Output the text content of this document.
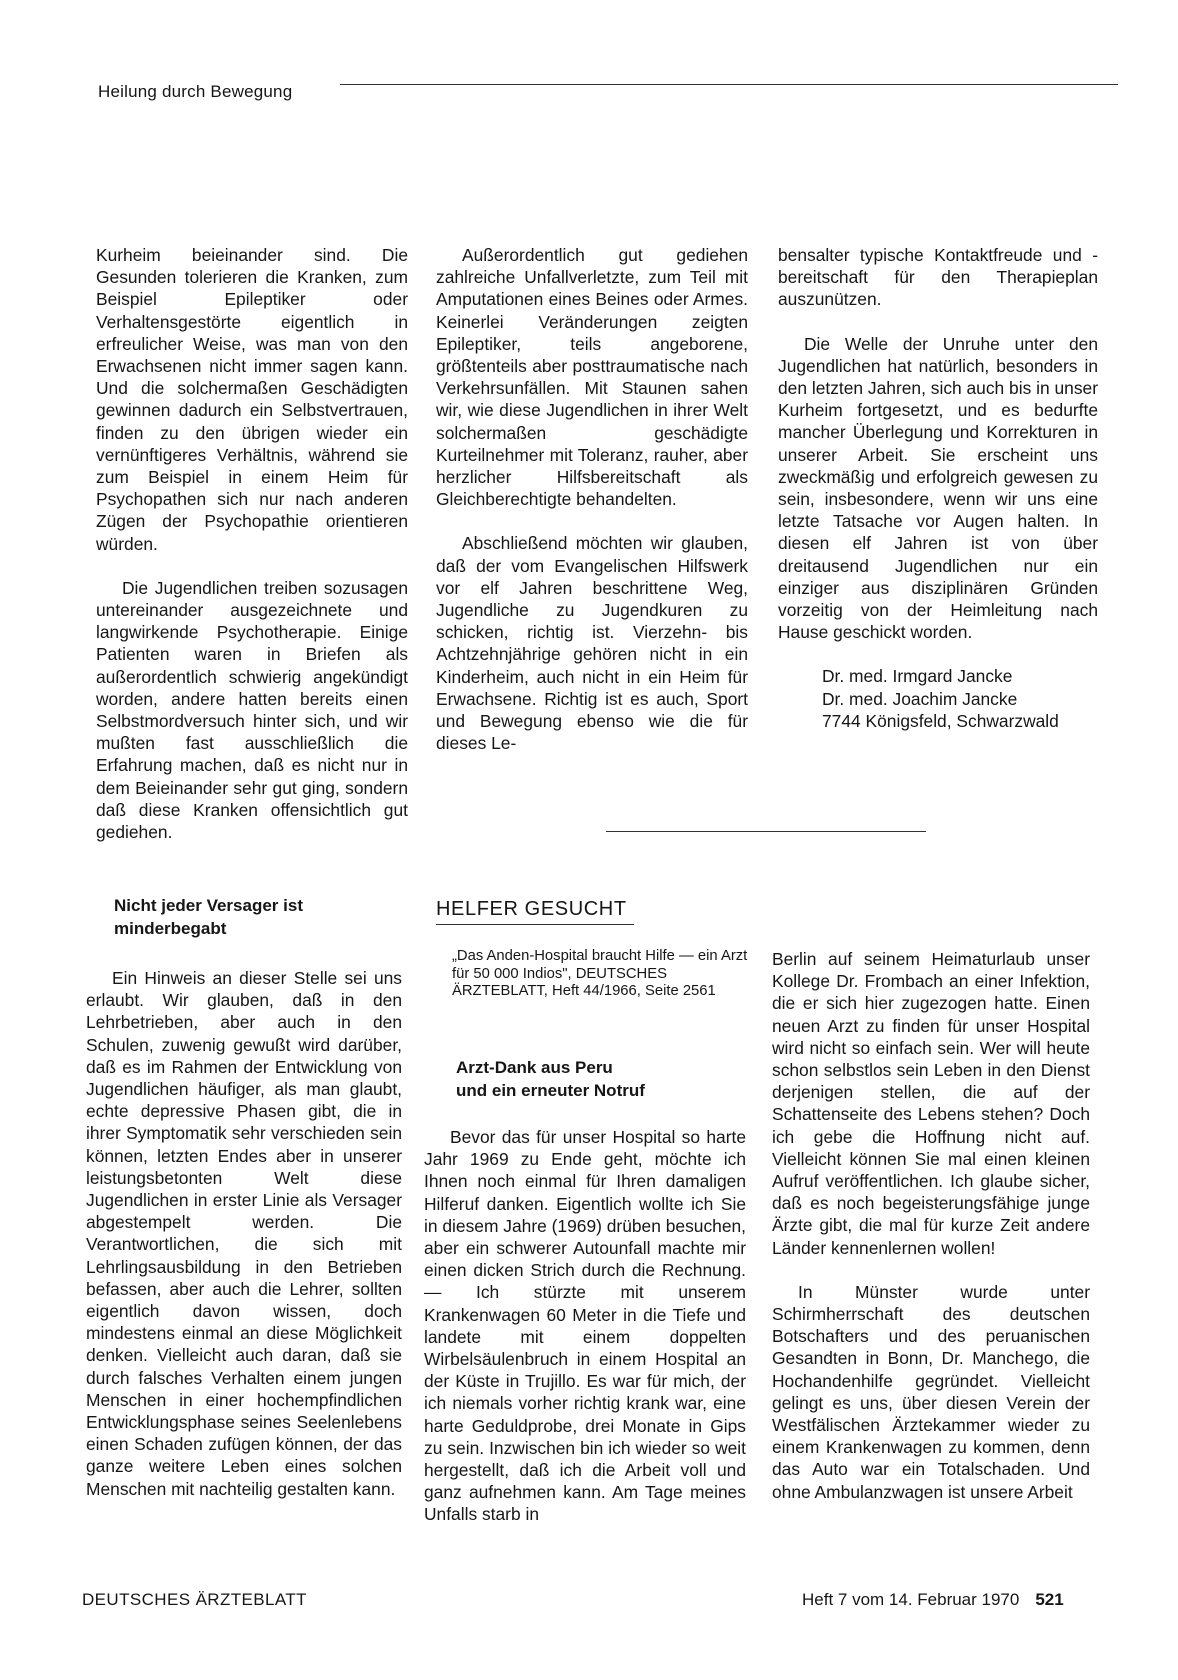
Heilung durch Bewegung

Kurheim beieinander sind. Die Gesunden tolerieren die Kranken, zum Beispiel Epileptiker oder Verhaltensgestörte eigentlich in erfreulicher Weise, was man von den Erwachsenen nicht immer sagen kann. Und die solchermaßen Geschädigten gewinnen dadurch ein Selbstvertrauen, finden zu den übrigen wieder ein vernünftigeres Verhältnis, während sie zum Beispiel in einem Heim für Psychopathen sich nur nach anderen Zügen der Psychopathie orientieren würden.

Die Jugendlichen treiben sozusagen untereinander ausgezeichnete und langwirkende Psychotherapie. Einige Patienten waren in Briefen als außerordentlich schwierig angekündigt worden, andere hatten bereits einen Selbstmordversuch hinter sich, und wir mußten fast ausschließlich die Erfahrung machen, daß es nicht nur in dem Beieinander sehr gut ging, sondern daß diese Kranken offensichtlich gut gediehen.

Außerordentlich gut gediehen zahlreiche Unfallverletzte, zum Teil mit Amputationen eines Beines oder Armes. Keinerlei Veränderungen zeigten Epileptiker, teils angeborene, größtenteils aber posttraumatische nach Verkehrsunfällen. Mit Staunen sahen wir, wie diese Jugendlichen in ihrer Welt solchermaßen geschädigte Kurteilnehmer mit Toleranz, rauher, aber herzlicher Hilfsbereitschaft als Gleichberechtigte behandelten.

Abschließend möchten wir glauben, daß der vom Evangelischen Hilfswerk vor elf Jahren beschrittene Weg, Jugendliche zu Jugendkuren zu schicken, richtig ist. Vierzehn- bis Achtzehnjährige gehören nicht in ein Kinderheim, auch nicht in ein Heim für Erwachsene. Richtig ist es auch, Sport und Bewegung ebenso wie die für dieses Le-

bensalter typische Kontaktfreude und -bereitschaft für den Therapieplan auszunützen.

Die Welle der Unruhe unter den Jugendlichen hat natürlich, besonders in den letzten Jahren, sich auch bis in unser Kurheim fortgesetzt, und es bedurfte mancher Überlegung und Korrekturen in unserer Arbeit. Sie erscheint uns zweckmäßig und erfolgreich gewesen zu sein, insbesondere, wenn wir uns eine letzte Tatsache vor Augen halten. In diesen elf Jahren ist von über dreitausend Jugendlichen nur ein einziger aus disziplinären Gründen vorzeitig von der Heimleitung nach Hause geschickt worden.

Dr. med. Irmgard Jancke
Dr. med. Joachim Jancke
7744 Königsfeld, Schwarzwald

Nicht jeder Versager ist
minderbegabt

Ein Hinweis an dieser Stelle sei uns erlaubt. Wir glauben, daß in den Lehrbetrieben, aber auch in den Schulen, zuwenig gewußt wird darüber, daß es im Rahmen der Entwicklung von Jugendlichen häufiger, als man glaubt, echte depressive Phasen gibt, die in ihrer Symptomatik sehr verschieden sein können, letzten Endes aber in unserer leistungsbetonten Welt diese Jugendlichen in erster Linie als Versager abgestempelt werden. Die Verantwortlichen, die sich mit Lehrlingsausbildung in den Betrieben befassen, aber auch die Lehrer, sollten eigentlich davon wissen, doch mindestens einmal an diese Möglichkeit denken. Vielleicht auch daran, daß sie durch falsches Verhalten einem jungen Menschen in einer hochempfindlichen Entwicklungsphase seines Seelenlebens einen Schaden zufügen können, der das ganze weitere Leben eines solchen Menschen mit nachteilig gestalten kann.

HELFER GESUCHT
„Das Anden-Hospital braucht Hilfe — ein Arzt für 50 000 Indios", DEUTSCHES ÄRZTEBLATT, Heft 44/1966, Seite 2561
Arzt-Dank aus Peru
und ein erneuter Notruf

Bevor das für unser Hospital so harte Jahr 1969 zu Ende geht, möchte ich Ihnen noch einmal für Ihren damaligen Hilferuf danken. Eigentlich wollte ich Sie in diesem Jahre (1969) drüben besuchen, aber ein schwerer Autounfall machte mir einen dicken Strich durch die Rechnung. — Ich stürzte mit unserem Krankenwagen 60 Meter in die Tiefe und landete mit einem doppelten Wirbelsäulenbruch in einem Hospital an der Küste in Trujillo. Es war für mich, der ich niemals vorher richtig krank war, eine harte Geduldprobe, drei Monate in Gips zu sein. Inzwischen bin ich wieder so weit hergestellt, daß ich die Arbeit voll und ganz aufnehmen kann. Am Tage meines Unfalls starb in

Berlin auf seinem Heimaturlaub unser Kollege Dr. Frombach an einer Infektion, die er sich hier zugezogen hatte. Einen neuen Arzt zu finden für unser Hospital wird nicht so einfach sein. Wer will heute schon selbstlos sein Leben in den Dienst derjenigen stellen, die auf der Schattenseite des Lebens stehen? Doch ich gebe die Hoffnung nicht auf. Vielleicht können Sie mal einen kleinen Aufruf veröffentlichen. Ich glaube sicher, daß es noch begeisterungsfähige junge Ärzte gibt, die mal für kurze Zeit andere Länder kennenlernen wollen!

In Münster wurde unter Schirmherrschaft des deutschen Botschafters und des peruanischen Gesandten in Bonn, Dr. Manchego, die Hochandenhilfe gegründet. Vielleicht gelingt es uns, über diesen Verein der Westfälischen Ärztekammer wieder zu einem Krankenwagen zu kommen, denn das Auto war ein Totalschaden. Und ohne Ambulanzwagen ist unsere Arbeit

DEUTSCHES ÄRZTEBLATT	Heft 7 vom 14. Februar 1970 521
